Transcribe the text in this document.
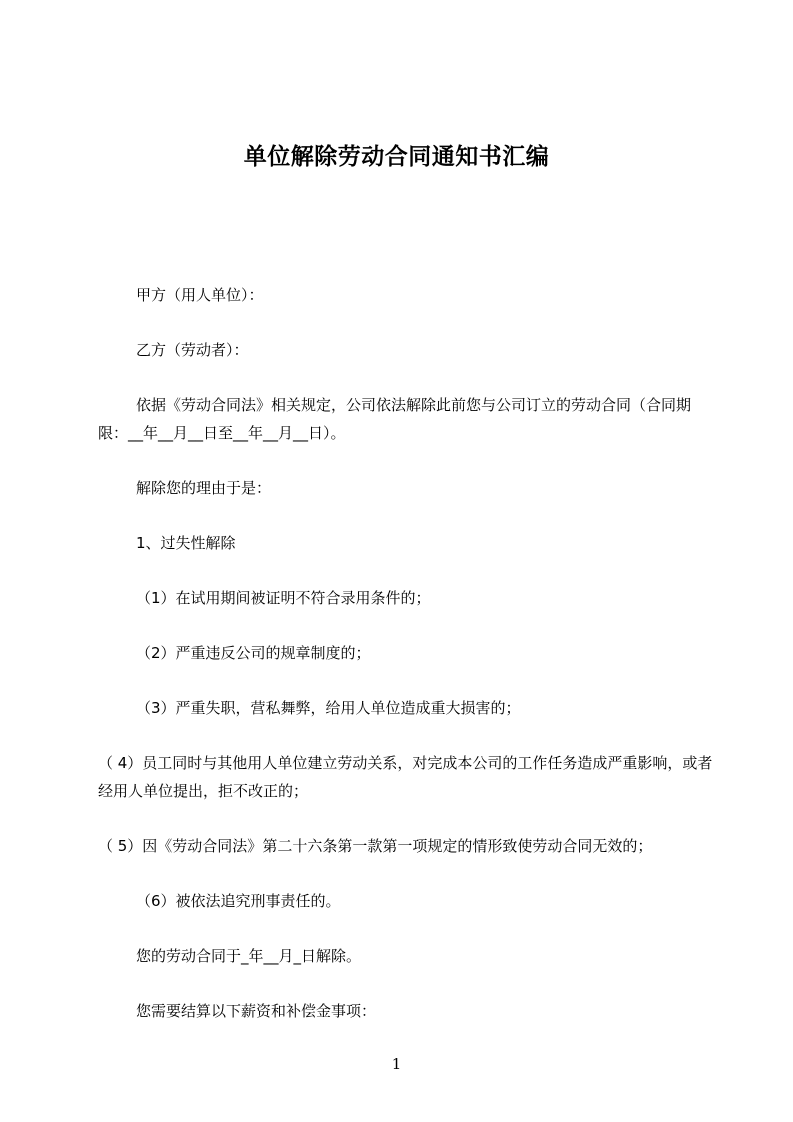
单位解除劳动合同通知书汇编

甲方（用人单位）：

乙方（劳动者）：

依据《劳动合同法》相关规定，公司依法解除此前您与公司订立的劳动合同（合同期限：__年__月__日至__年__月__日）。

解除您的理由于是：

1、过失性解除

（1）在试用期间被证明不符合录用条件的；

（2）严重违反公司的规章制度的；

（3）严重失职，营私舞弊，给用人单位造成重大损害的；

（ 4）员工同时与其他用人单位建立劳动关系，对完成本公司的工作任务造成严重影响，或者经用人单位提出，拒不改正的；

（ 5）因《劳动合同法》第二十六条第一款第一项规定的情形致使劳动合同无效的；

（6）被依法追究刑事责任的。

您的劳动合同于_年__月_日解除。

您需要结算以下薪资和补偿金事项：

1
